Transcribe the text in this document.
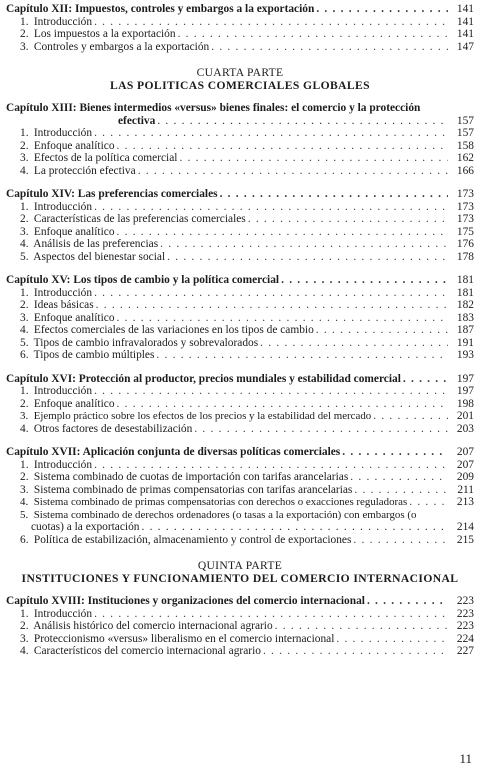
Capítulo XII: Impuestos, controles y embargos a la exportación . . .	141
1. Introducción . . .	141
2. Los impuestos a la exportación . . .	141
3. Controles y embargos a la exportación . . .	147
CUARTA PARTE
LAS POLITICAS COMERCIALES GLOBALES
Capítulo XIII: Bienes intermedios «versus» bienes finales: el comercio y la protección
efectiva . . .	157
1. Introducción . . .	157
2. Enfoque analítico . . .	158
3. Efectos de la política comercial . . .	162
4. La protección efectiva . . .	166
Capítulo XIV: Las preferencias comerciales . . .	173
1. Introducción . . .	173
2. Características de las preferencias comerciales . . .	173
3. Enfoque analítico . . .	175
4. Análisis de las preferencias . . .	176
5. Aspectos del bienestar social . . .	178
Capítulo XV: Los tipos de cambio y la política comercial . . .	181
1. Introducción . . .	181
2. Ideas básicas . . .	182
3. Enfoque analítico . . .	183
4. Efectos comerciales de las variaciones en los tipos de cambio . . .	187
5. Tipos de cambio infravalorados y sobrevalorados . . .	191
6. Tipos de cambio múltiples . . .	193
Capítulo XVI: Protección al productor, precios mundiales y estabilidad comercial . . .	197
1. Introducción . . .	197
2. Enfoque analítico . . .	198
3. Ejemplo práctico sobre los efectos de los precios y la estabilidad del mercado . . .	201
4. Otros factores de desestabilización . . .	203
Capítulo XVII: Aplicación conjunta de diversas políticas comerciales . . .	207
1. Introducción . . .	207
2. Sistema combinado de cuotas de importación con tarifas arancelarias . . .	209
3. Sistema combinado de primas compensatorias con tarifas arancelarias . . .	211
4. Sistema combinado de primas compensatorias con derechos o exacciones reguladoras . . .	213
5. Sistema combinado de derechos ordenadores (o tasas a la exportación) con embargos (o
cuotas) a la exportación . . .	214
6. Política de estabilización, almacenamiento y control de exportaciones . . .	215
QUINTA PARTE
INSTITUCIONES Y FUNCIONAMIENTO DEL COMERCIO INTERNACIONAL
Capítulo XVIII: Instituciones y organizaciones del comercio internacional . . .	223
1. Introducción . . .	223
2. Análisis histórico del comercio internacional agrario . . .	223
3. Proteccionismo «versus» liberalismo en el comercio internacional . . .	224
4. Característicos del comercio internacional agrario . . .	227
11
